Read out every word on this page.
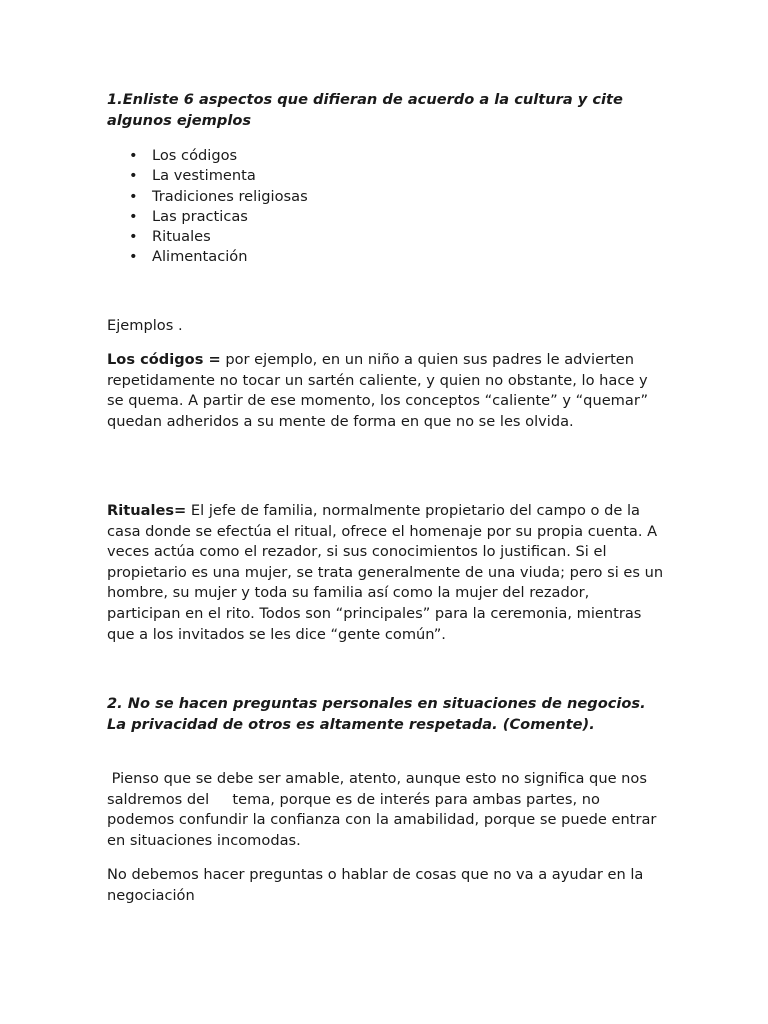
1.Enliste 6 aspectos que difieran de acuerdo a la cultura y cite algunos ejemplos

• Los códigos
• La vestimenta
• Tradiciones religiosas
• Las practicas
• Rituales
• Alimentación

Ejemplos .

Los códigos = por ejemplo, en un niño a quien sus padres le advierten repetidamente no tocar un sartén caliente, y quien no obstante, lo hace y se quema. A partir de ese momento, los conceptos “caliente” y “quemar” quedan adheridos a su mente de forma en que no se les olvida.

Rituales= El jefe de familia, normalmente propietario del campo o de la casa donde se efectúa el ritual, ofrece el homenaje por su propia cuenta. A veces actúa como el rezador, si sus conocimientos lo justifican. Si el propietario es una mujer, se trata generalmente de una viuda; pero si es un hombre, su mujer y toda su familia así como la mujer del rezador, participan en el rito. Todos son “principales” para la ceremonia, mientras que a los invitados se les dice “gente común”.

2. No se hacen preguntas personales en situaciones de negocios. La privacidad de otros es altamente respetada. (Comente).

Pienso que se debe ser amable, atento, aunque esto no significa que nos saldremos del     tema, porque es de interés para ambas partes, no podemos confundir la confianza con la amabilidad, porque se puede entrar en situaciones incomodas.

No debemos hacer preguntas o hablar de cosas que no va a ayudar en la negociación
